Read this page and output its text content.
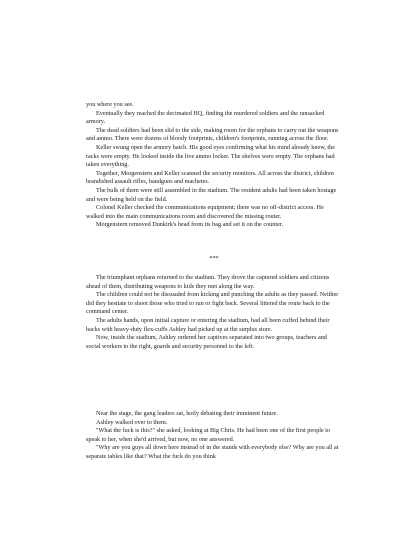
you where you see.

Eventually they reached the decimated HQ, finding the murdered soldiers and the ransacked armory.

The dead soldiers had been slid to the side, making room for the orphans to carry out the weapons and ammo. There were dozens of bloody footprints, children's footprints, running across the floor.

Keller swung open the armory hatch. His good eyes confirming what his mind already knew, the racks were empty. He looked inside the live ammo locker. The shelves were empty. The orphans had taken everything.

Together, Morgenstern and Keller scanned the security monitors. All across the district, children brandished assault rifles, handguns and machetes.

The bulk of them were still assembled in the stadium. The resident adults had been taken hostage and were being held on the field.

Colonel Keller checked the communications equipment; there was no off-district access. He walked into the main communications room and discovered the missing router.

Morgenstern removed Dunkirk's head from its bag and set it on the counter.

***

The triumphant orphans returned to the stadium. They drove the captured soldiers and citizens ahead of them, distributing weapons to kids they met along the way.

The children could not be dissuaded from kicking and punching the adults as they passed. Neither did they hesitate to shoot those who tried to run or fight back. Several littered the route back to the command center.

The adults hands, upon initial capture or entering the stadium, had all been cuffed behind their backs with heavy-duty flex-cuffs Ashley had picked up at the surplus store.

Now, inside the stadium, Ashley ordered her captives separated into two groups, teachers and social workers to the right, guards and security personnel to the left.

Near the stage, the gang leaders sat, hotly debating their imminent future.

Ashley walked over to them.

"What the fuck is this?" she asked, looking at Big Chris. He had been one of the first people to speak to her, when she'd arrived, but now, no one answered.

"Why are you guys all down here instead of in the stands with everybody else? Why are you all at separate tables like that? What the fuck do you think
